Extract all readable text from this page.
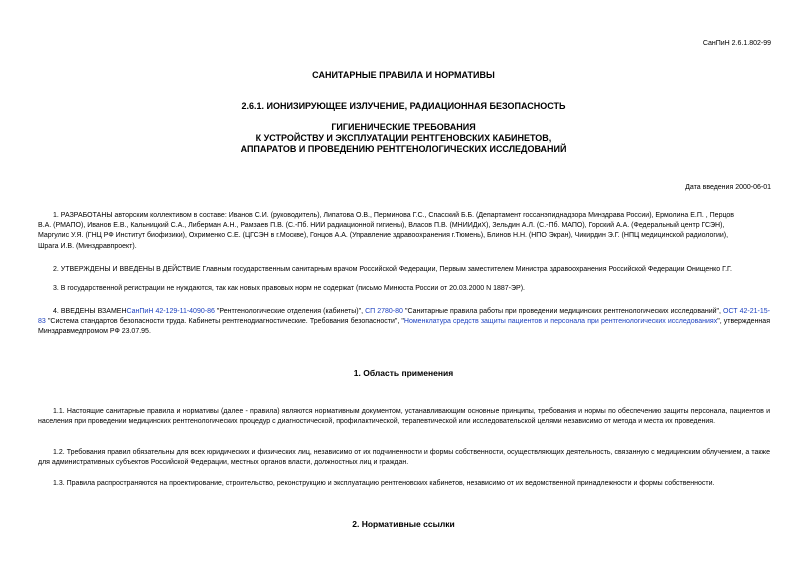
СанПиН 2.6.1.802-99
САНИТАРНЫЕ ПРАВИЛА И НОРМАТИВЫ
2.6.1. ИОНИЗИРУЮЩЕЕ ИЗЛУЧЕНИЕ, РАДИАЦИОННАЯ БЕЗОПАСНОСТЬ
ГИГИЕНИЧЕСКИЕ ТРЕБОВАНИЯ
К УСТРОЙСТВУ И ЭКСПЛУАТАЦИИ РЕНТГЕНОВСКИХ КАБИНЕТОВ,
АППАРАТОВ И ПРОВЕДЕНИЮ РЕНТГЕНОЛОГИЧЕСКИХ ИССЛЕДОВАНИЙ
Дата введения 2000-06-01
1. РАЗРАБОТАНЫ авторским коллективом в составе: Иванов С.И. (руководитель), Липатова О.В., Перминова Г.С., Спасский Б.Б. (Департамент госсанэпиднадзора Минздрава России), Ермолина Е.П. , Перцов
В.А. (РМАПО), Иванов Е.В., Кальницкий С.А., Либерман А.Н., Рамзаев П.В. (С.-Пб. НИИ радиационной гигиены), Власов П.В. (МНИИДиХ), Зельдин А.Л. (С.-Пб. МАПО), Горский А.А. (Федеральный центр ГСЭН),
Маргулис У.Я. (ГНЦ РФ Институт биофизики), Охрименко С.Е. (ЦГСЭН в г.Москве), Гонцов А.А. (Управление здравоохранения г.Тюмень), Блинов Н.Н. (НПО Экран), Чикирдин Э.Г. (НПЦ медицинской радиологии),
Шрага И.В. (Минздравпроект).
2. УТВЕРЖДЕНЫ И ВВЕДЕНЫ В ДЕЙСТВИЕ Главным государственным санитарным врачом Российской Федерации, Первым заместителем Министра здравоохранения Российской Федерации Онищенко Г.Г.
3. В государственной регистрации не нуждаются, так как новых правовых норм не содержат (письмо Минюста России от 20.03.2000 N 1887-ЭР).
4. ВВЕДЕНЫ ВЗАМЕНСанПиН 42-129-11-4090-86 "Рентгенологические отделения (кабинеты)", СП 2780-80 "Санитарные правила работы при проведении медицинских рентгенологических исследований", ОСТ 42-21-15-83 "Система стандартов безопасности труда. Кабинеты рентгенодиагностические. Требования безопасности", "Номенклатура средств защиты пациентов и персонала при рентгенологических исследованиях", утвержденная Минздравмедпромом РФ 23.07.95.
1. Область применения
1.1. Настоящие санитарные правила и нормативы (далее - правила) являются нормативным документом, устанавливающим основные принципы, требования и нормы по обеспечению защиты персонала, пациентов и населения при проведении медицинских рентгенологических процедур с диагностической, профилактической, терапевтической или исследовательской целями независимо от метода и места их проведения.
1.2. Требования правил обязательны для всех юридических и физических лиц, независимо от их подчиненности и формы собственности, осуществляющих деятельность, связанную с медицинским облучением, а также для административных субъектов Российской Федерации, местных органов власти, должностных лиц и граждан.
1.3. Правила распространяются на проектирование, строительство, реконструкцию и эксплуатацию рентгеновских кабинетов, независимо от их ведомственной принадлежности и формы собственности.
2. Нормативные ссылки
